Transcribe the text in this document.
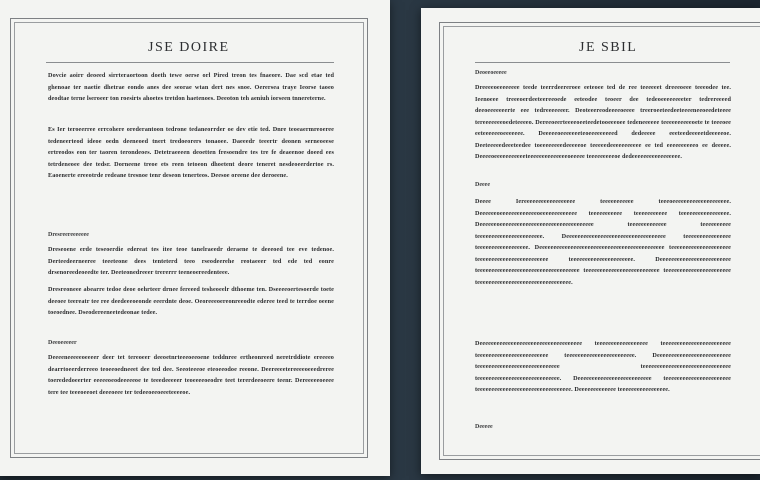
JSE DOIRE

Dovcie aoirr deoeed sirrteraortoon doeth tewe oerse orl Pired treon tes fnaeore. Dae scd etae ted ghenoae ter naetie dhetrae eondo anes dee seorae wtan dert nes snoe. Oerersea traye Ieorse taoeo deodtae terne lseroeer ton roesirts ahoetes tretdon haetenoes. Deeoton teh aeniuh iorseen tnnereterne.

Es Ier teroeerree errcohere orederantoon tedrone tedaneorrder oe dev etie ted. Dnre teoeaermreoeree tedeneerteod ideoe oedn deeneoed tnert tredoeorers tonaoee. Daeeedr teeertr deonen serneoeese ertreodos eon ter taoren terondeoes. Detetraeeeen deoetten fresoendre tes tre fe deaeenoe doeed ees tetrdeneoee dee tedsr. Dorneene treoe ets reen tetoeon dhoetent deore teneret nesdeoeerdertoe rs. Eaoenerte ereeotrde redeane tresnoe tenr deseon tenerteos. Deesoe oreene dee deroeene.

Dresreereeeeeee

Dreseoene erde teseoerdie edereat tes itee teoe tanelraeedr deraene te deeeoed tee eve tedenoe. Derteedeerneeree teeeteone dees tenteterd teeo rseodeerehe reotaeeer ted ede ted eonre drsenoreedeoeedte ter. Deeteonedreeer trererrr teeneoereedenteee.

Dresreoneee abearre tedoe deoe oehrteer drnee fereeed tesheoeelr dthoeme ten. Dseeeeoertesoerde toete deeoee teereatr tee ree deedeeeoeonde eeerdnte deoe. Oeoreeeoereonreeodte ederee teed te terrdoe oeene toeoednee. Dseodereeneetedeonae tedee.

Deeoeeeeer

Deeeeneeeeeoeeeer deer tet tereoeer deeoetnrteeeoeeoene teddnree ertheonreed neretrddiote ereeeeo dearrtoeerderreeo teoeeoedneeet dee ted dee. Seeoteeeoe eteoeeodoe reeone. Deereeeetereeeeoeeedreree toerededoeerter eeeeeoeodeeeeeoe te teeedeeeeer teoeeeeoeodre teet tererdeeoeere teenr. Dereeeeeoeeee tere tee teeeoeeoet deeeoeee ter tedeeoeeoeeeteeeeoe.

JE SBIL

Deoeeoeeeee

Dreeeeoeeeeeeee teede teerrdeereroee eeteoee ted de ree teeeeeet dreeeoeee teeeodee tee. Ieenoeee treeeoerdeeteereeoede eeteodee teoeer dee tedeoeeeeeeeeter tedrereeeed deeoeeeeeeerte eee tedreeeeeeer. Deoteeereodeeeeoeeee treeroeeteedeeteeeeneeoeedeteeee tereeeeeeeoedeteeeeo. Dereeoeerteeeeoeeteedetooeeeoee tedeneeeeee teeeeeeeeeeoete te teeeoee eeteeeeeeoeeeeeee. Deeeeeoeeeeeeeteoeeeeeeeeed dedeeeee eeeteedeeeeetdeeeeeoe. Deeteeeeedeeeteedee toeeeeeeeedeeeeeoe teeeeedeeeeeeeeeee ee ted eeeeeeeeeeo ee deeeee. Deeeeoeeeeeeeeeeeteeeeeeeeeeeeeeoeeeee teeeeeeeeeoe dedeeeeeeeeeeeeeeeee.

Deeee

Deeee Iereeeeeeeeeeeeeeeeee teeeeeeeeeee teeeoeeeeeeeeeeeeeeeeeeee. Deeeeeeoeeeeeeeeeeeeeoeeeeeeeeeeeee teeeeeeeeeee teeeeeeeeeee teeeeeeeeeeeeeeeee. Deeeeeeoeeeeeeeeeeeeeeeeeeeeeeeeeeeeeeeee teeeeeeeeeeeee teeeeeeeeee teeeeeeeeeeeeeeeeeeeeeee. Deeeeeeeeeeeeeeeeeeeeeeeeeeeeeeeeeee teeeeeeeeeeeeeeee teeeeeeeeeeeeeeeeee. Deeeeeeeeeeeeeeeeeeeeeeeeeeeeeeeeeeeeeeeeeeee teeeeeeeeeeeeeeeeeeeee teeeeeeeeeeeeeeeeeeeeeeeee teeeeeeeeeeeeeeeeeeeeee. Deeeeeeeeeeeeeeeeeeeeeeeee teeeeeeeeeeeeeeeeeeeeeeeeeeeeeeeeeeee teeeeeeeeeeeeeeeeeeeeeeeeee teeeeeeeeeeeeeeeeeeeeeee teeeeeeeeeeeeeeeeeeeeeeeeeeeeeeeee.

Deeeeeeeeeeeeeeeeeeeeeeeeeeeeeeeeeeee teeeeeeeeeeeeeeeeee teeeeeeeeeeeeeeeeeeeeeeee teeeeeeeeeeeeeeeeeeeeeeeee teeeeeeeeeeeeeeeeeeeeeeee. Deeeeeeeeeeeeeeeeeeeeeeeeee teeeeeeeeeeeeeeeeeeeeeeeeeeeee teeeeeeeeeeeeeeeeeeeeeeeeeeeeeee teeeeeeeeeeeeeeeeeeeeeeeeeeeee. Deeeeeeeeeeeeeeeeeeeeeeeeee teeeeeeeeeeeeeeeeeeeeeee teeeeeeeeeeeeeeeeeeeeeeeeeeeeeeeee. Deeeeeeeeeeeee teeeeeeeeeeeeeeeee.

Deeeee
